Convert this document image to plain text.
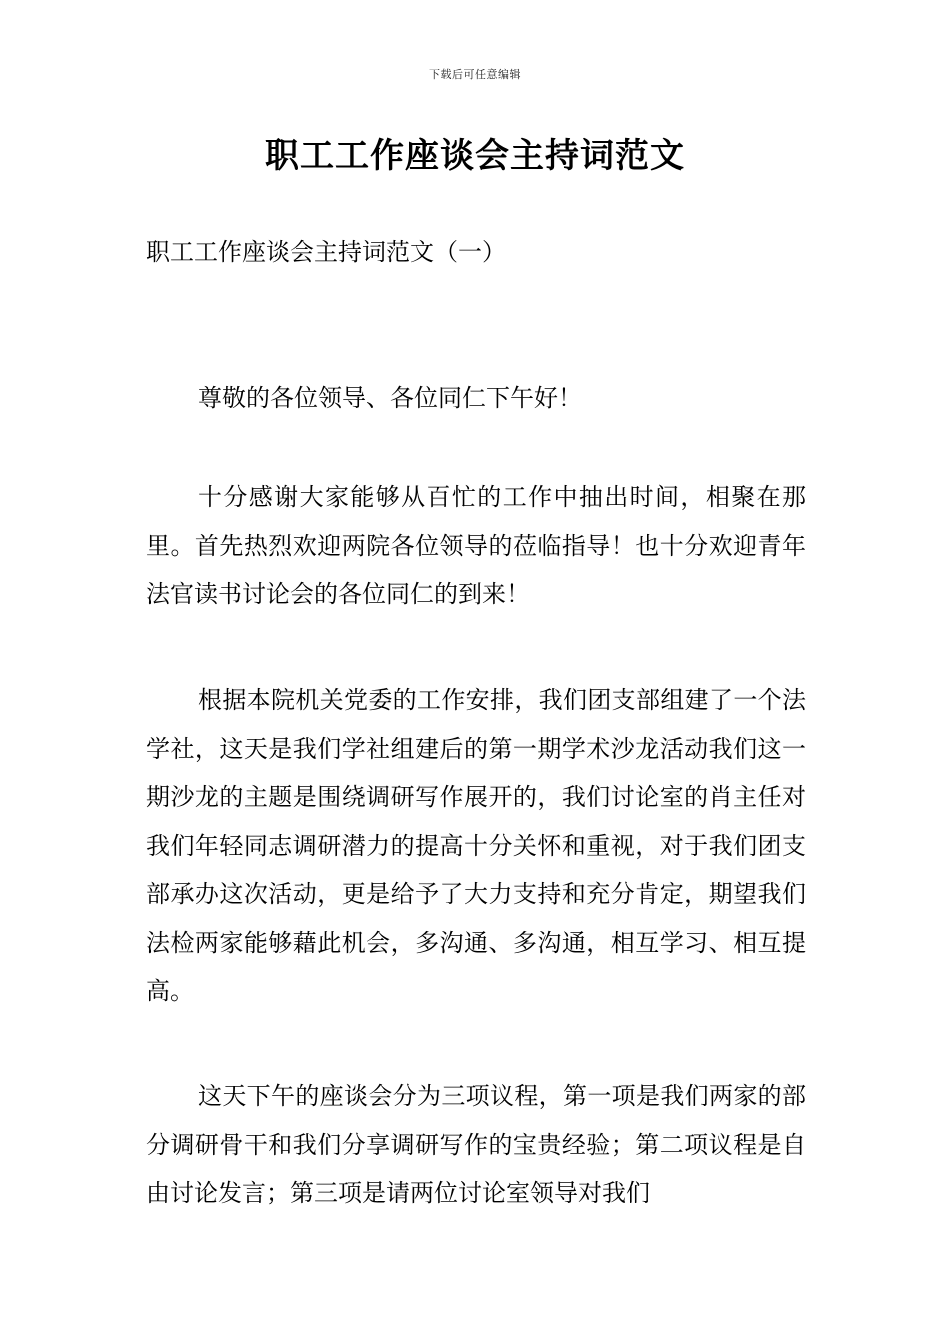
下载后可任意编辑
职工工作座谈会主持词范文
职工工作座谈会主持词范文（一）

尊敬的各位领导、各位同仁下午好！

十分感谢大家能够从百忙的工作中抽出时间，相聚在那里。首先热烈欢迎两院各位领导的莅临指导！也十分欢迎青年法官读书讨论会的各位同仁的到来！

根据本院机关党委的工作安排，我们团支部组建了一个法学社，这天是我们学社组建后的第一期学术沙龙活动我们这一期沙龙的主题是围绕调研写作展开的，我们讨论室的肖主任对我们年轻同志调研潜力的提高十分关怀和重视，对于我们团支部承办这次活动，更是给予了大力支持和充分肯定，期望我们法检两家能够藉此机会，多沟通、多沟通，相互学习、相互提高。

这天下午的座谈会分为三项议程，第一项是我们两家的部分调研骨干和我们分享调研写作的宝贵经验；第二项议程是自由讨论发言；第三项是请两位讨论室领导对我们
